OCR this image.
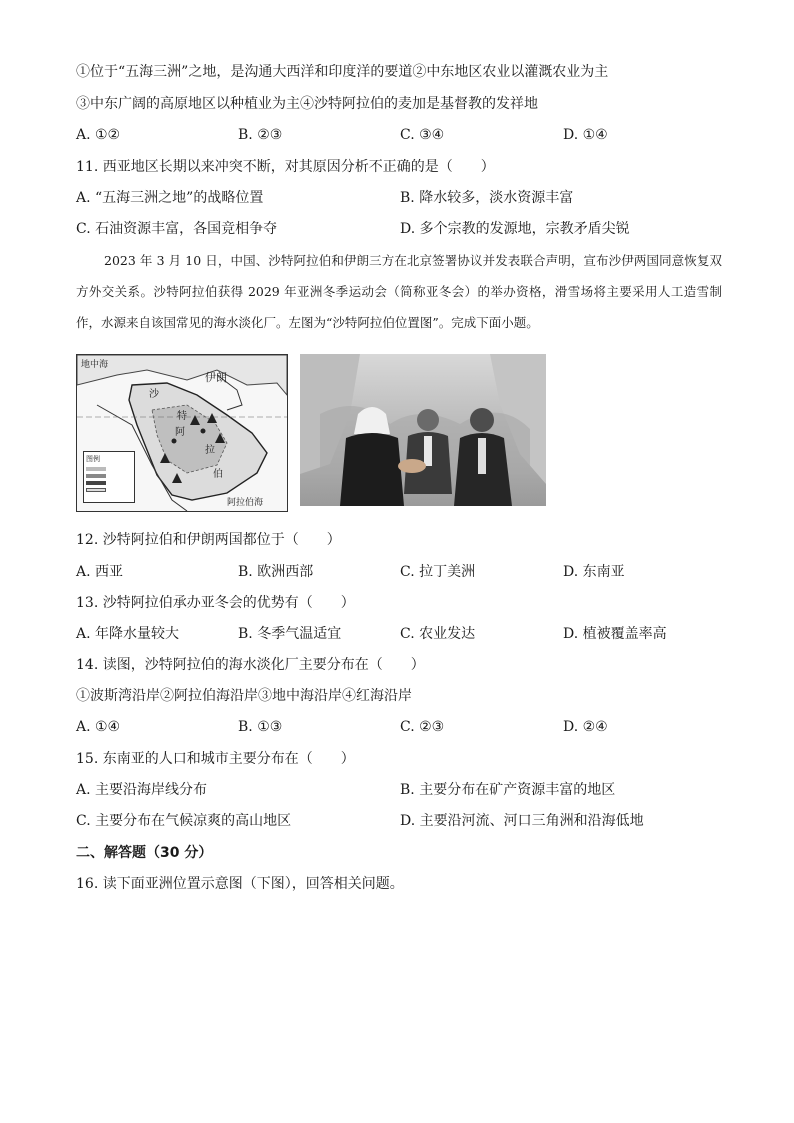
①位于“五海三洲”之地，是沟通大西洋和印度洋的要道②中东地区农业以灌溉农业为主
③中东广阔的高原地区以种植业为主④沙特阿拉伯的麦加是基督教的发祥地
A. ①②	B. ②③	C. ③④	D. ①④
11. 西亚地区长期以来冲突不断，对其原因分析不正确的是（　　）
A. “五海三洲之地”的战略位置	B. 降水较多，淡水资源丰富
C. 石油资源丰富，各国竞相争夺	D. 多个宗教的发源地，宗教矛盾尖锐
2023 年 3 月 10 日，中国、沙特阿拉伯和伊朗三方在北京签署协议并发表联合声明，宣布沙伊两国同意恢复双方外交关系。沙特阿拉伯获得 2029 年亚洲冬季运动会（简称亚冬会）的举办资格，滑雪场将主要采用人工造雪制作，水源来自该国常见的海水淡化厂。左图为“沙特阿拉伯位置图”。完成下面小题。
地中海
伊朗
沙
特
阿
拉
伯
阿拉伯海
图例
12. 沙特阿拉伯和伊朗两国都位于（　　）
A. 西亚	B. 欧洲西部	C. 拉丁美洲	D. 东南亚
13. 沙特阿拉伯承办亚冬会的优势有（　　）
A. 年降水量较大	B. 冬季气温适宜	C. 农业发达	D. 植被覆盖率高
14. 读图，沙特阿拉伯的海水淡化厂主要分布在（　　）
①波斯湾沿岸②阿拉伯海沿岸③地中海沿岸④红海沿岸
A. ①④	B. ①③	C. ②③	D. ②④
15. 东南亚的人口和城市主要分布在（　　）
A. 主要沿海岸线分布	B. 主要分布在矿产资源丰富的地区
C. 主要分布在气候凉爽的高山地区	D. 主要沿河流、河口三角洲和沿海低地
二、解答题（30 分）
16. 读下面亚洲位置示意图（下图），回答相关问题。
